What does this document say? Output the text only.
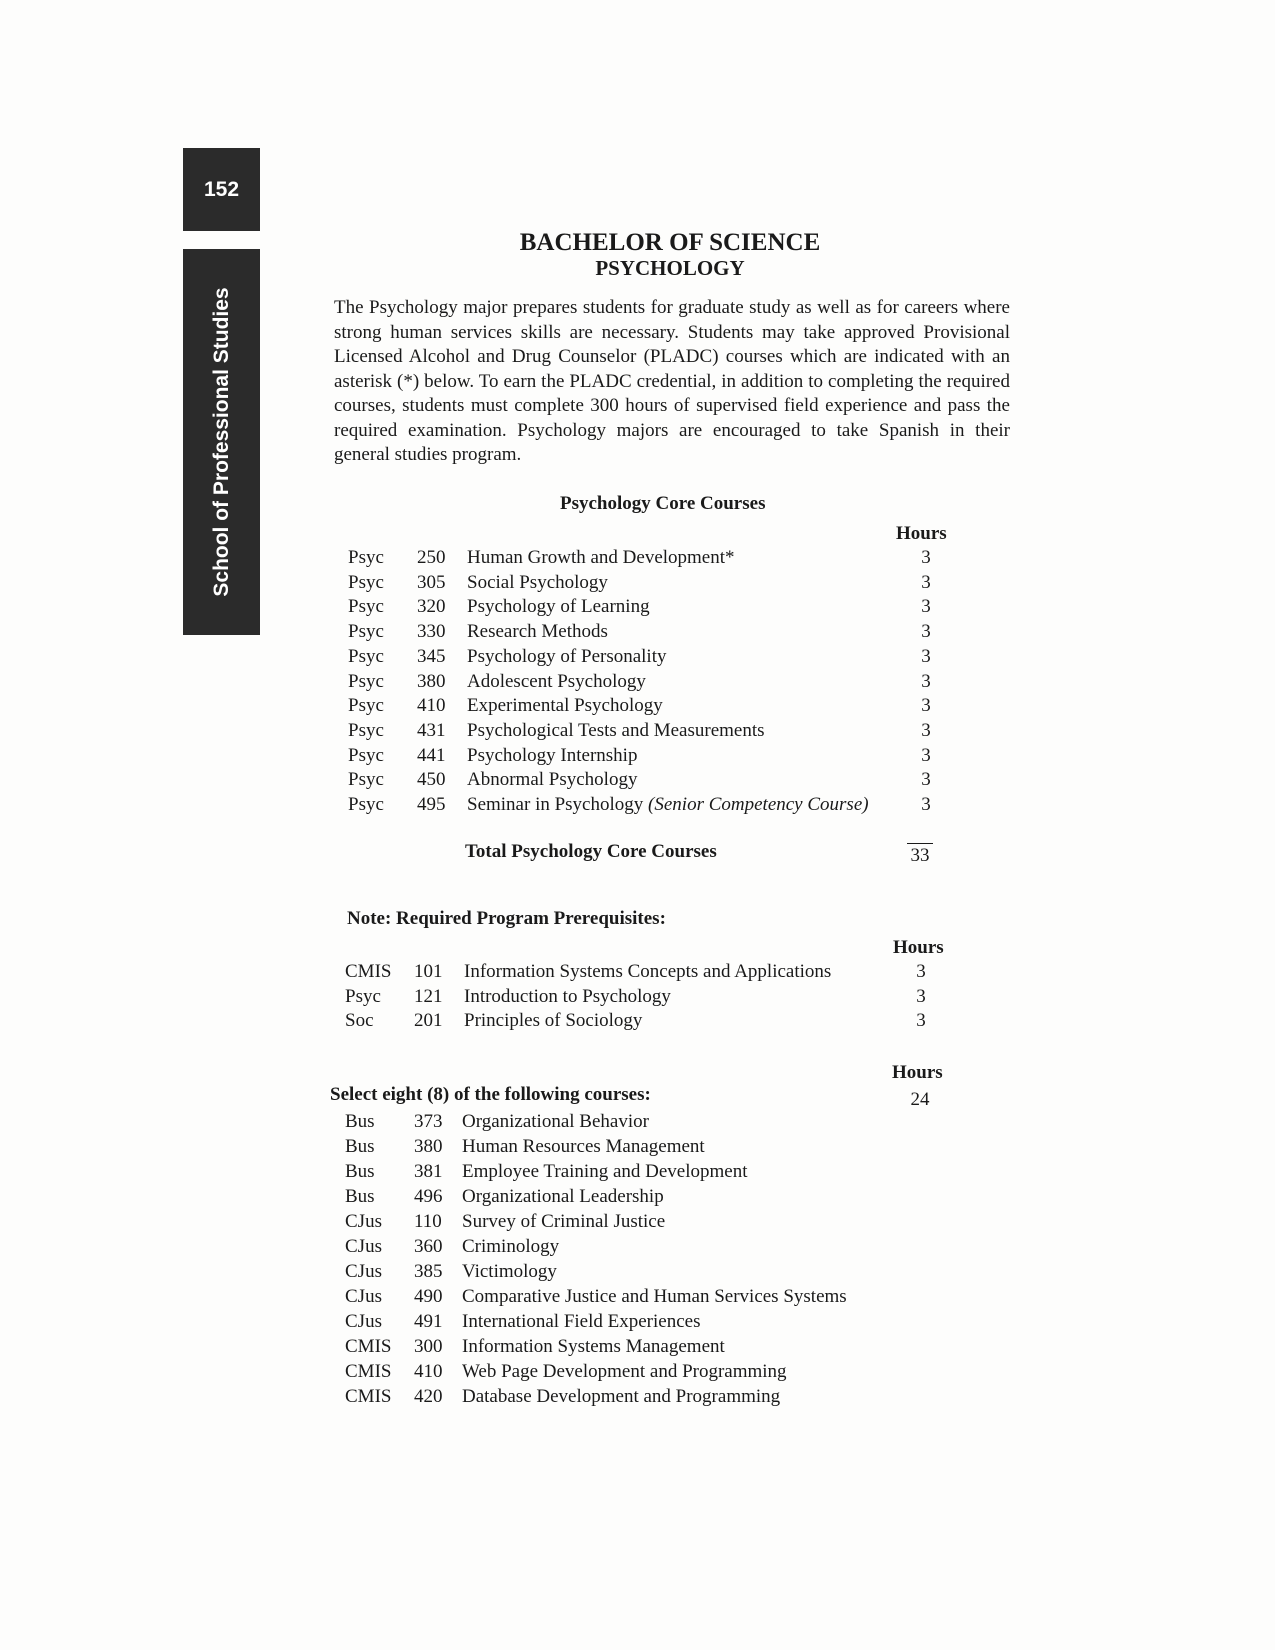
152
School of Professional Studies
BACHELOR OF SCIENCE
PSYCHOLOGY

The Psychology major prepares students for graduate study as well as for careers where strong human services skills are necessary. Students may take approved Provisional Licensed Alcohol and Drug Counselor (PLADC) courses which are indicated with an asterisk (*) below. To earn the PLADC credential, in addition to completing the required courses, students must complete 300 hours of supervised field experience and pass the required examination. Psychology majors are encouraged to take Spanish in their general studies program.

Psychology Core Courses
Hours
Psyc 250 Human Growth and Development*	3
Psyc 305 Social Psychology	3
Psyc 320 Psychology of Learning	3
Psyc 330 Research Methods	3
Psyc 345 Psychology of Personality	3
Psyc 380 Adolescent Psychology	3
Psyc 410 Experimental Psychology	3
Psyc 431 Psychological Tests and Measurements	3
Psyc 441 Psychology Internship	3
Psyc 450 Abnormal Psychology	3
Psyc 495 Seminar in Psychology (Senior Competency Course)	3
Total Psychology Core Courses	33
Note: Required Program Prerequisites:
Hours
CMIS 101 Information Systems Concepts and Applications	3
Psyc 121 Introduction to Psychology	3
Soc 201 Principles of Sociology	3
Hours
Select eight (8) of the following courses:	24
Bus 373 Organizational Behavior
Bus 380 Human Resources Management
Bus 381 Employee Training and Development
Bus 496 Organizational Leadership
CJus 110 Survey of Criminal Justice
CJus 360 Criminology
CJus 385 Victimology
CJus 490 Comparative Justice and Human Services Systems
CJus 491 International Field Experiences
CMIS 300 Information Systems Management
CMIS 410 Web Page Development and Programming
CMIS 420 Database Development and Programming
